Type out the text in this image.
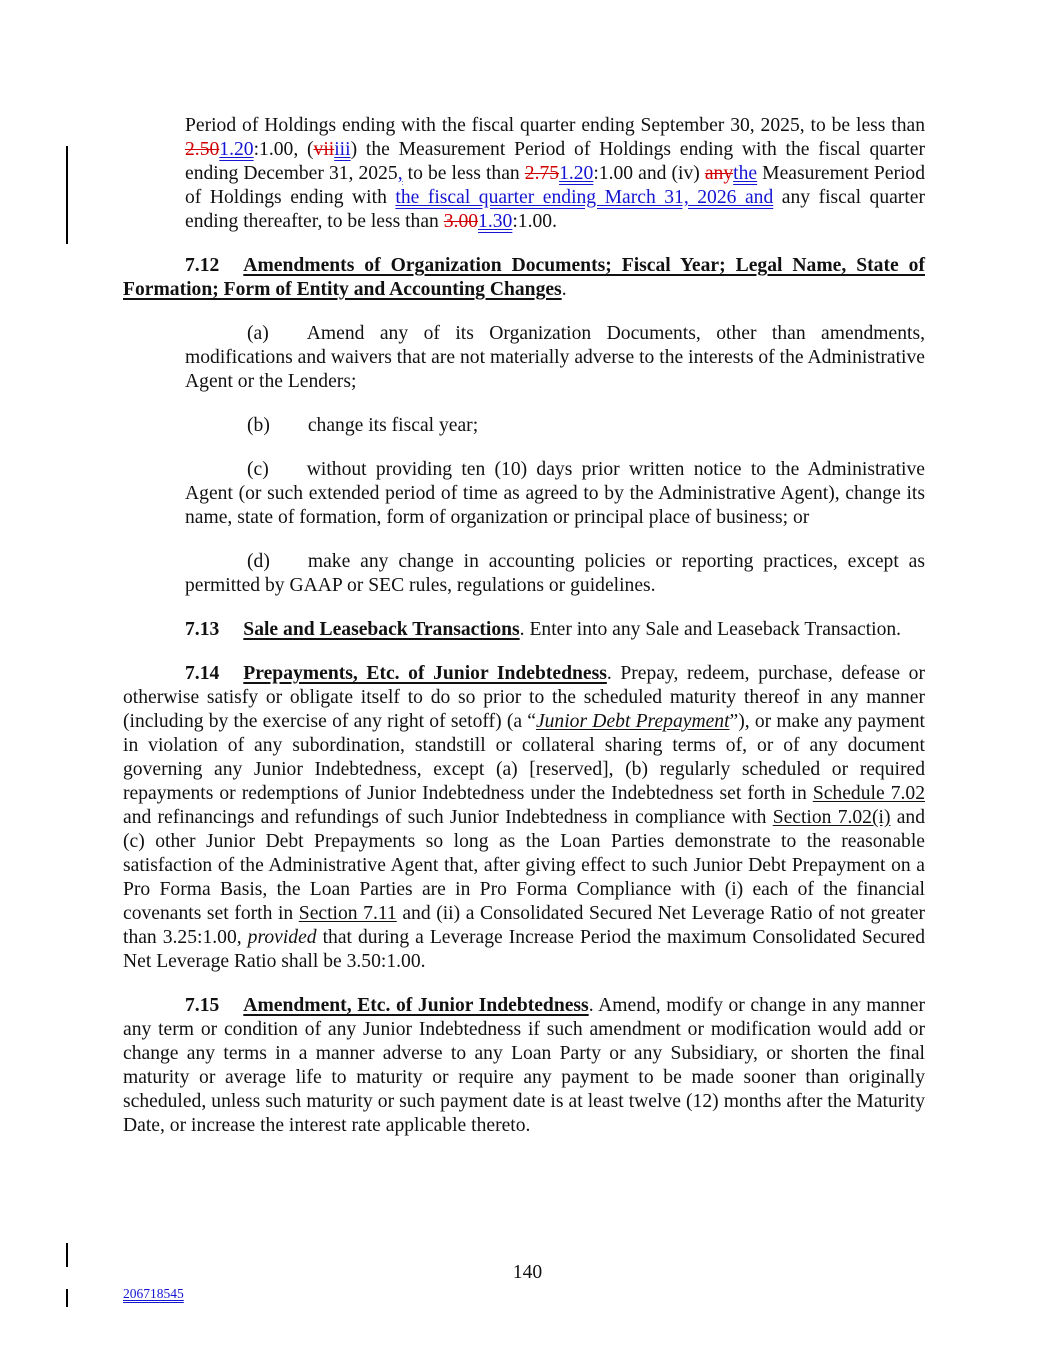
Period of Holdings ending with the fiscal quarter ending September 30, 2025, to be less than 2.501.20:1.00, (viiiii) the Measurement Period of Holdings ending with the fiscal quarter ending December 31, 2025, to be less than 2.751.20:1.00 and (iv) anythe Measurement Period of Holdings ending with the fiscal quarter ending March 31, 2026 and any fiscal quarter ending thereafter, to be less than 3.001.30:1.00.

7.12 Amendments of Organization Documents; Fiscal Year; Legal Name, State of Formation; Form of Entity and Accounting Changes.

(a) Amend any of its Organization Documents, other than amendments, modifications and waivers that are not materially adverse to the interests of the Administrative Agent or the Lenders;

(b) change its fiscal year;

(c) without providing ten (10) days prior written notice to the Administrative Agent (or such extended period of time as agreed to by the Administrative Agent), change its name, state of formation, form of organization or principal place of business; or

(d) make any change in accounting policies or reporting practices, except as permitted by GAAP or SEC rules, regulations or guidelines.

7.13 Sale and Leaseback Transactions. Enter into any Sale and Leaseback Transaction.

7.14 Prepayments, Etc. of Junior Indebtedness. Prepay, redeem, purchase, defease or otherwise satisfy or obligate itself to do so prior to the scheduled maturity thereof in any manner (including by the exercise of any right of setoff) (a “Junior Debt Prepayment”), or make any payment in violation of any subordination, standstill or collateral sharing terms of, or of any document governing any Junior Indebtedness, except (a) [reserved], (b) regularly scheduled or required repayments or redemptions of Junior Indebtedness under the Indebtedness set forth in Schedule 7.02 and refinancings and refundings of such Junior Indebtedness in compliance with Section 7.02(i) and (c) other Junior Debt Prepayments so long as the Loan Parties demonstrate to the reasonable satisfaction of the Administrative Agent that, after giving effect to such Junior Debt Prepayment on a Pro Forma Basis, the Loan Parties are in Pro Forma Compliance with (i) each of the financial covenants set forth in Section 7.11 and (ii) a Consolidated Secured Net Leverage Ratio of not greater than 3.25:1.00, provided that during a Leverage Increase Period the maximum Consolidated Secured Net Leverage Ratio shall be 3.50:1.00.

7.15 Amendment, Etc. of Junior Indebtedness. Amend, modify or change in any manner any term or condition of any Junior Indebtedness if such amendment or modification would add or change any terms in a manner adverse to any Loan Party or any Subsidiary, or shorten the final maturity or average life to maturity or require any payment to be made sooner than originally scheduled, unless such maturity or such payment date is at least twelve (12) months after the Maturity Date, or increase the interest rate applicable thereto.

140
206718545
